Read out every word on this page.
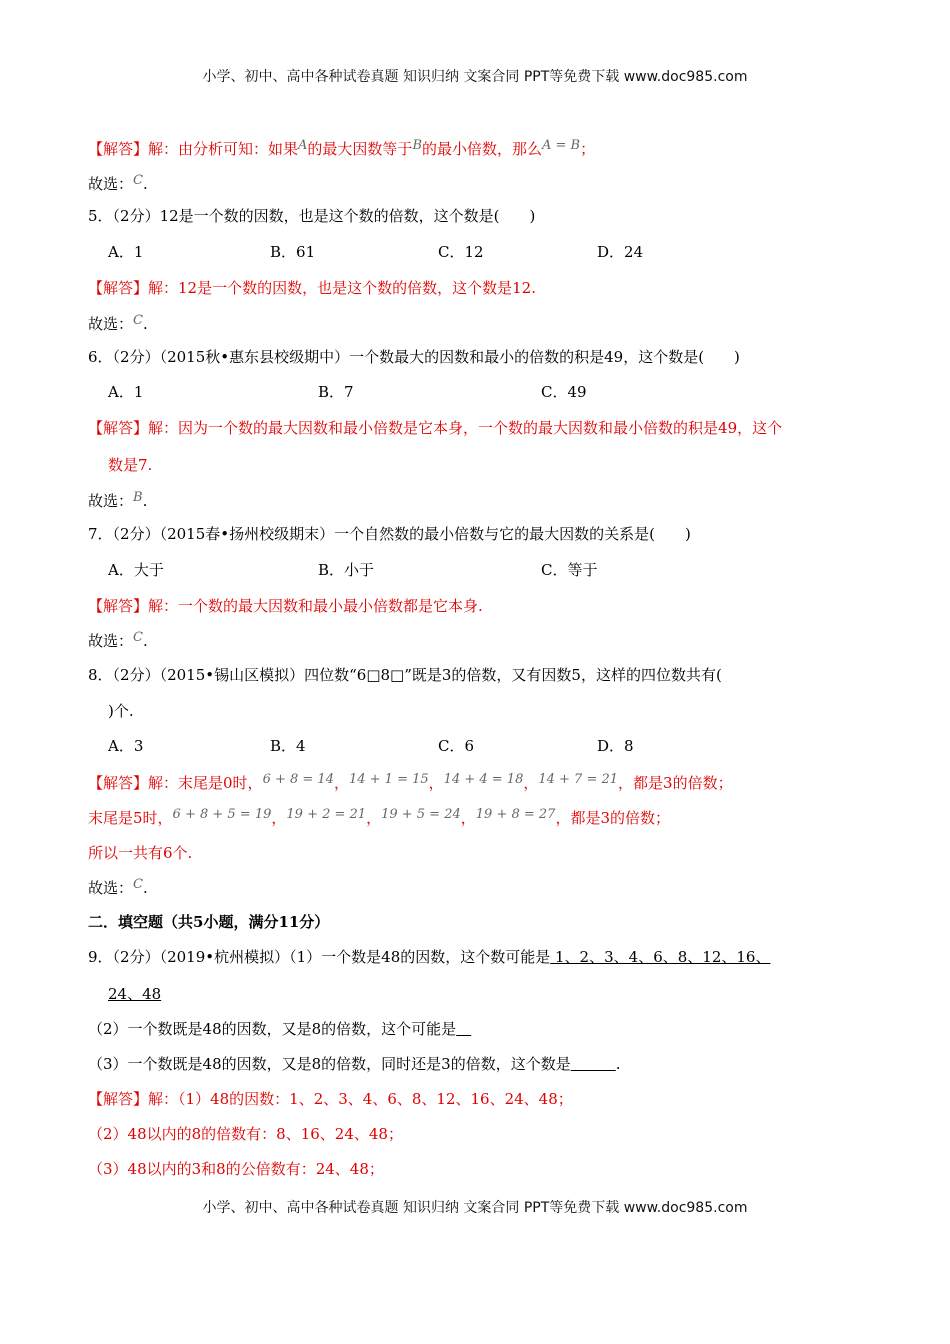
小学、初中、高中各种试卷真题 知识归纳 文案合同 PPT等免费下载 www.doc985.com
【解答】解：由分析可知：如果A的最大因数等于B的最小倍数，那么A = B；
故选：C.
5．（2分）12是一个数的因数，也是这个数的倍数，这个数是(　　)
A．1	B．61	C．12	D．24
【解答】解：12是一个数的因数，也是这个数的倍数，这个数是12.
故选：C.
6．（2分）（2015秋•惠东县校级期中）一个数最大的因数和最小的倍数的积是49，这个数是(　　)
A．1	B．7	C．49
【解答】解：因为一个数的最大因数和最小倍数是它本身，一个数的最大因数和最小倍数的积是49，这个
数是7.
故选：B.
7．（2分）（2015春•扬州校级期末）一个自然数的最小倍数与它的最大因数的关系是(　　)
A．大于	B．小于	C．等于
【解答】解：一个数的最大因数和最小最小倍数都是它本身.
故选：C.
8．（2分）（2015•锡山区模拟）四位数“6□8□”既是3的倍数，又有因数5，这样的四位数共有(
)个.
A．3	B．4	C．6	D．8
【解答】解：末尾是0时，6 + 8 = 14，14 + 1 = 15，14 + 4 = 18，14 + 7 = 21，都是3的倍数；
末尾是5时，6 + 8 + 5 = 19，19 + 2 = 21，19 + 5 = 24，19 + 8 = 27，都是3的倍数；
所以一共有6个.
故选：C.
二．填空题（共5小题，满分11分）
9．（2分）（2019•杭州模拟）（1）一个数是48的因数，这个数可能是 1、2、3、4、6、8、12、16、
24、48
（2）一个数既是48的因数，又是8的倍数，这个可能是　
（3）一个数既是48的因数，又是8的倍数，同时还是3的倍数，这个数是　　　	.
【解答】解：（1）48的因数：1、2、3、4、6、8、12、16、24、48；
（2）48以内的8的倍数有：8、16、24、48；
（3）48以内的3和8的公倍数有：24、48；
小学、初中、高中各种试卷真题 知识归纳 文案合同 PPT等免费下载 www.doc985.com
